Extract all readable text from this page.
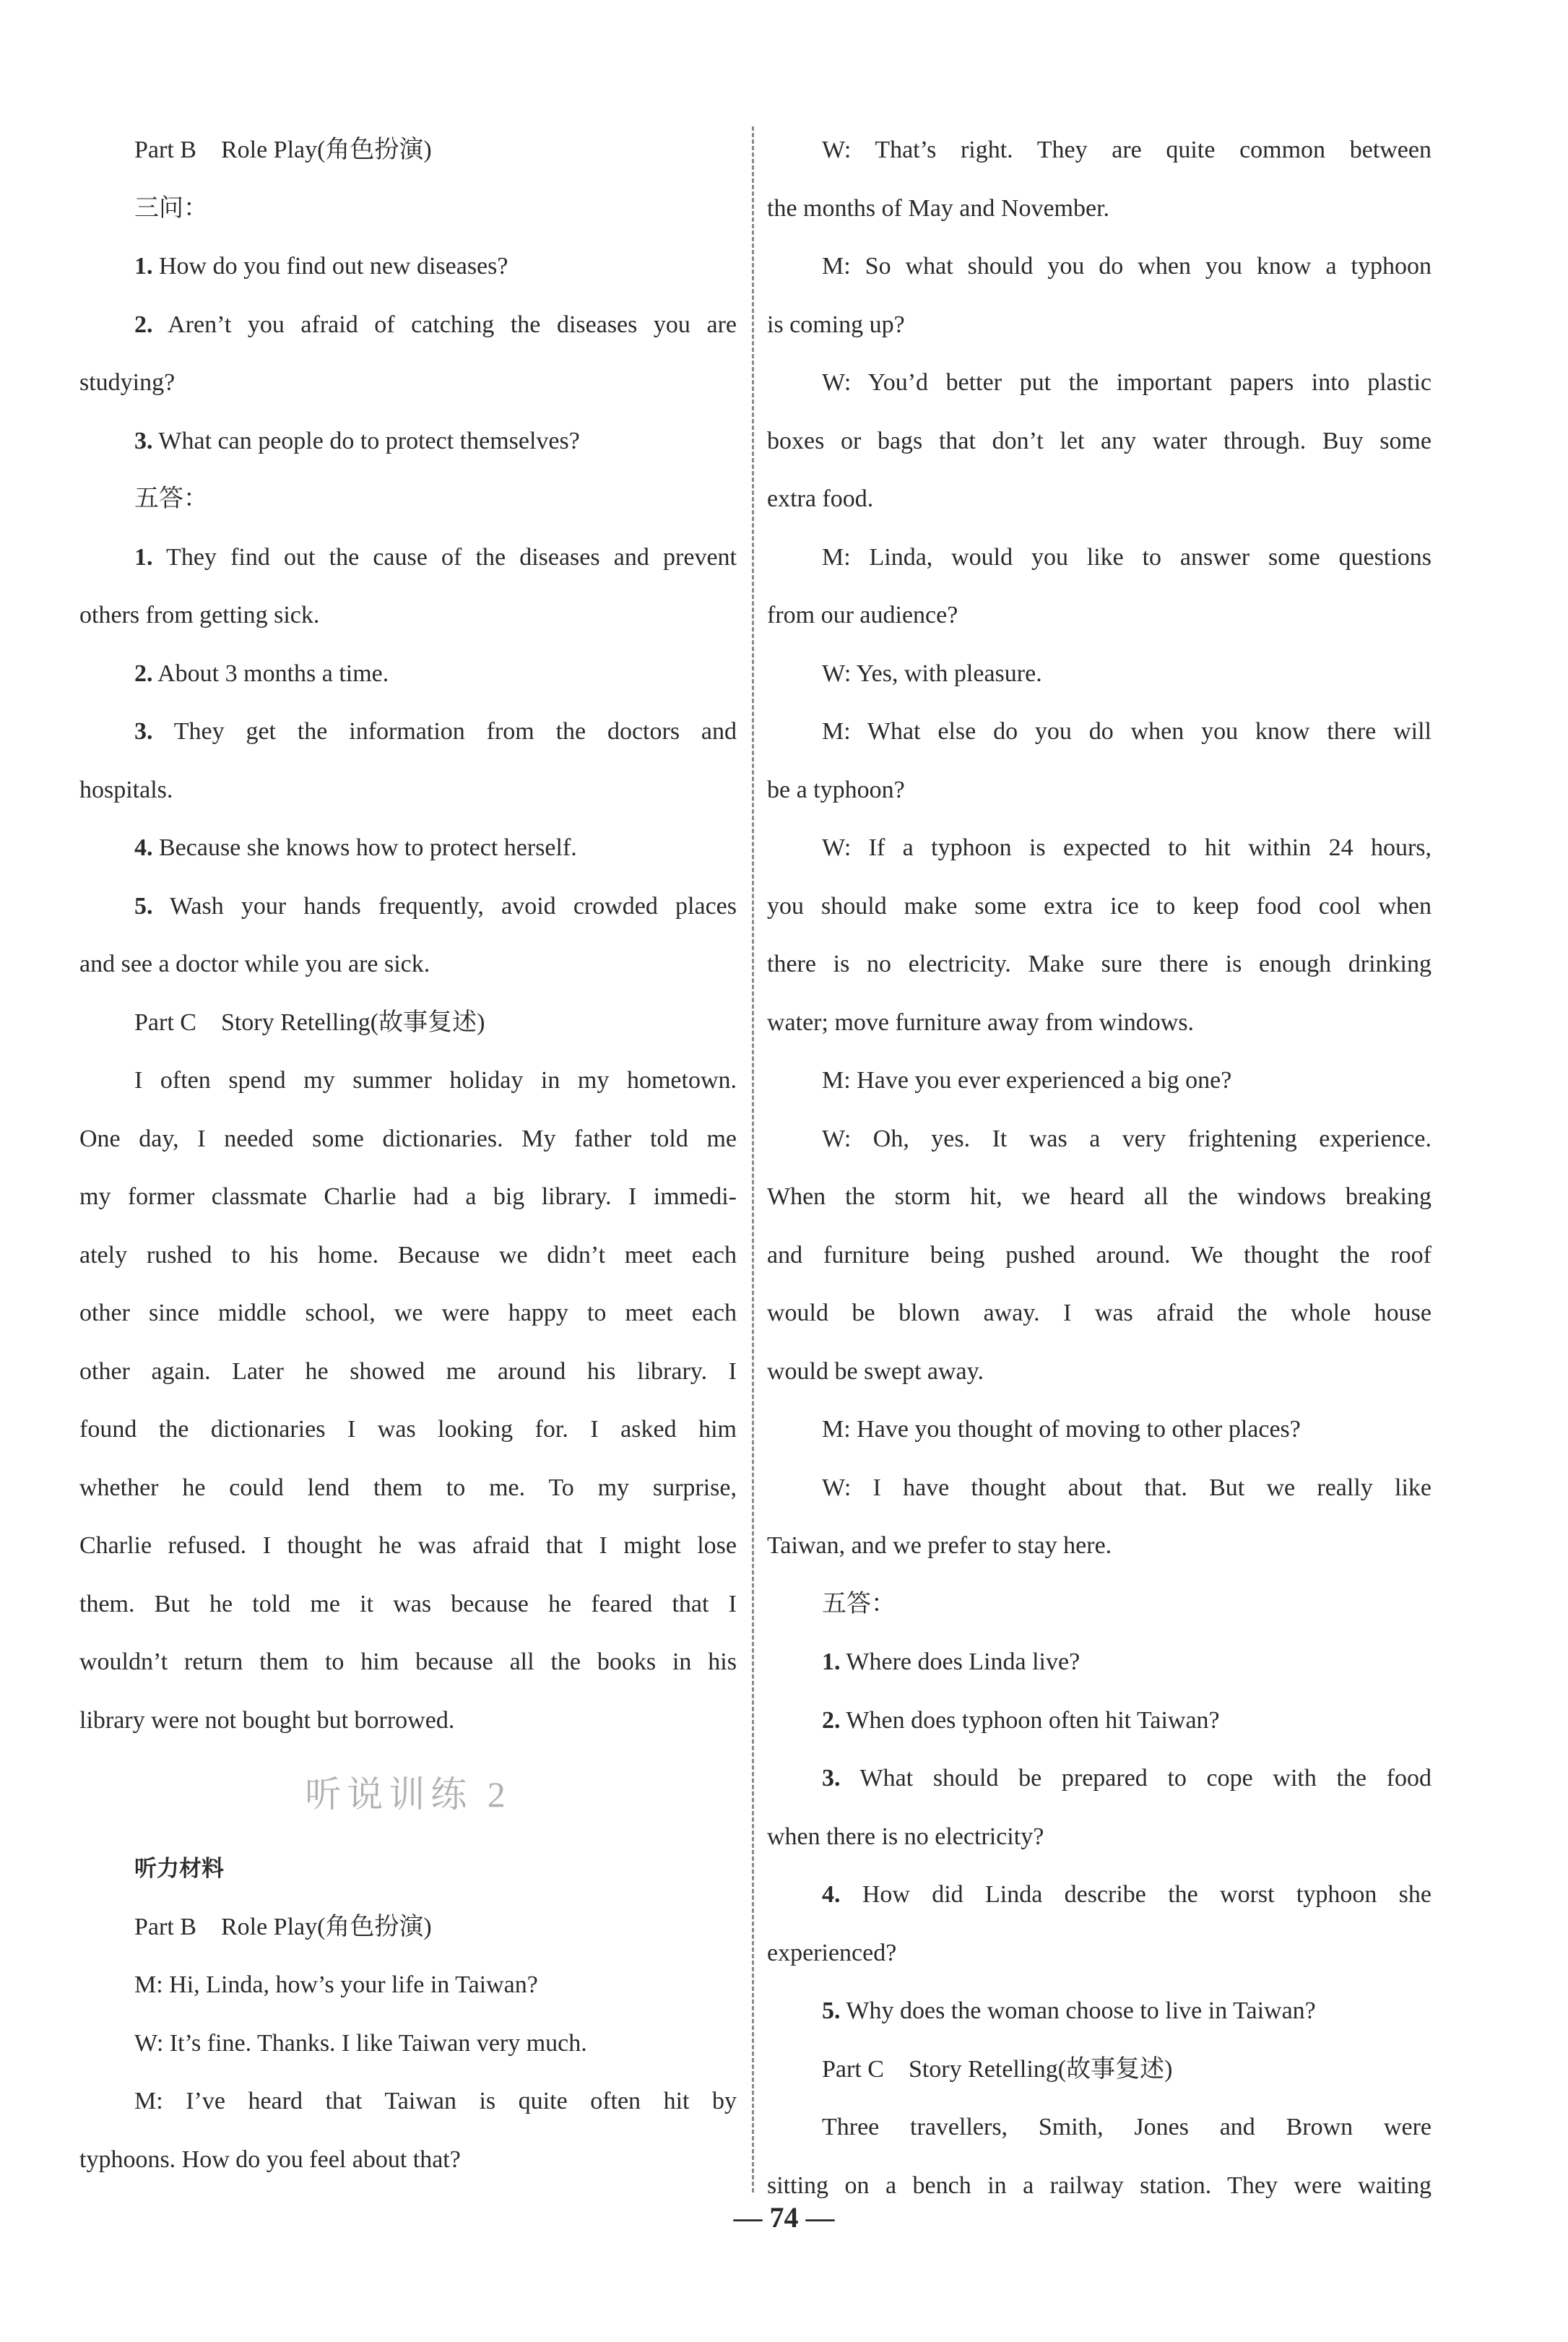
Part B　Role Play(角色扮演)

三问：

1. How do you find out new diseases?

2. Aren’t you afraid of catching the diseases you are

studying?

3. What can people do to protect themselves?

五答：

1. They find out the cause of the diseases and prevent

others from getting sick.

2. About 3 months a time.

3. They get the information from the doctors and

hospitals.

4. Because she knows how to protect herself.

5. Wash your hands frequently, avoid crowded places

and see a doctor while you are sick.

Part C　Story Retelling(故事复述)

I often spend my summer holiday in my hometown.

One day, I needed some dictionaries. My father told me

my former classmate Charlie had a big library. I immedi-

ately rushed to his home. Because we didn’t meet each

other since middle school, we were happy to meet each

other again. Later he showed me around his library. I

found the dictionaries I was looking for. I asked him

whether he could lend them to me. To my surprise,

Charlie refused. I thought he was afraid that I might lose

them. But he told me it was because he feared that I

wouldn’t return them to him because all the books in his

library were not bought but borrowed.

听说训练 2

听力材料

Part B　Role Play(角色扮演)

M: Hi, Linda, how’s your life in Taiwan?

W: It’s fine. Thanks. I like Taiwan very much.

M: I’ve heard that Taiwan is quite often hit by

typhoons. How do you feel about that?

W: That’s right. They are quite common between

the months of May and November.

M: So what should you do when you know a typhoon

is coming up?

W: You’d better put the important papers into plastic

boxes or bags that don’t let any water through. Buy some

extra food.

M: Linda, would you like to answer some questions

from our audience?

W: Yes, with pleasure.

M: What else do you do when you know there will

be a typhoon?

W: If a typhoon is expected to hit within 24 hours,

you should make some extra ice to keep food cool when

there is no electricity. Make sure there is enough drinking

water; move furniture away from windows.

M: Have you ever experienced a big one?

W: Oh, yes. It was a very frightening experience.

When the storm hit, we heard all the windows breaking

and furniture being pushed around. We thought the roof

would be blown away. I was afraid the whole house

would be swept away.

M: Have you thought of moving to other places?

W: I have thought about that. But we really like

Taiwan, and we prefer to stay here.

五答：

1. Where does Linda live?

2. When does typhoon often hit Taiwan?

3. What should be prepared to cope with the food

when there is no electricity?

4. How did Linda describe the worst typhoon she

experienced?

5. Why does the woman choose to live in Taiwan?

Part C　Story Retelling(故事复述)

Three travellers, Smith, Jones and Brown were

sitting on a bench in a railway station. They were waiting

— 74 —
